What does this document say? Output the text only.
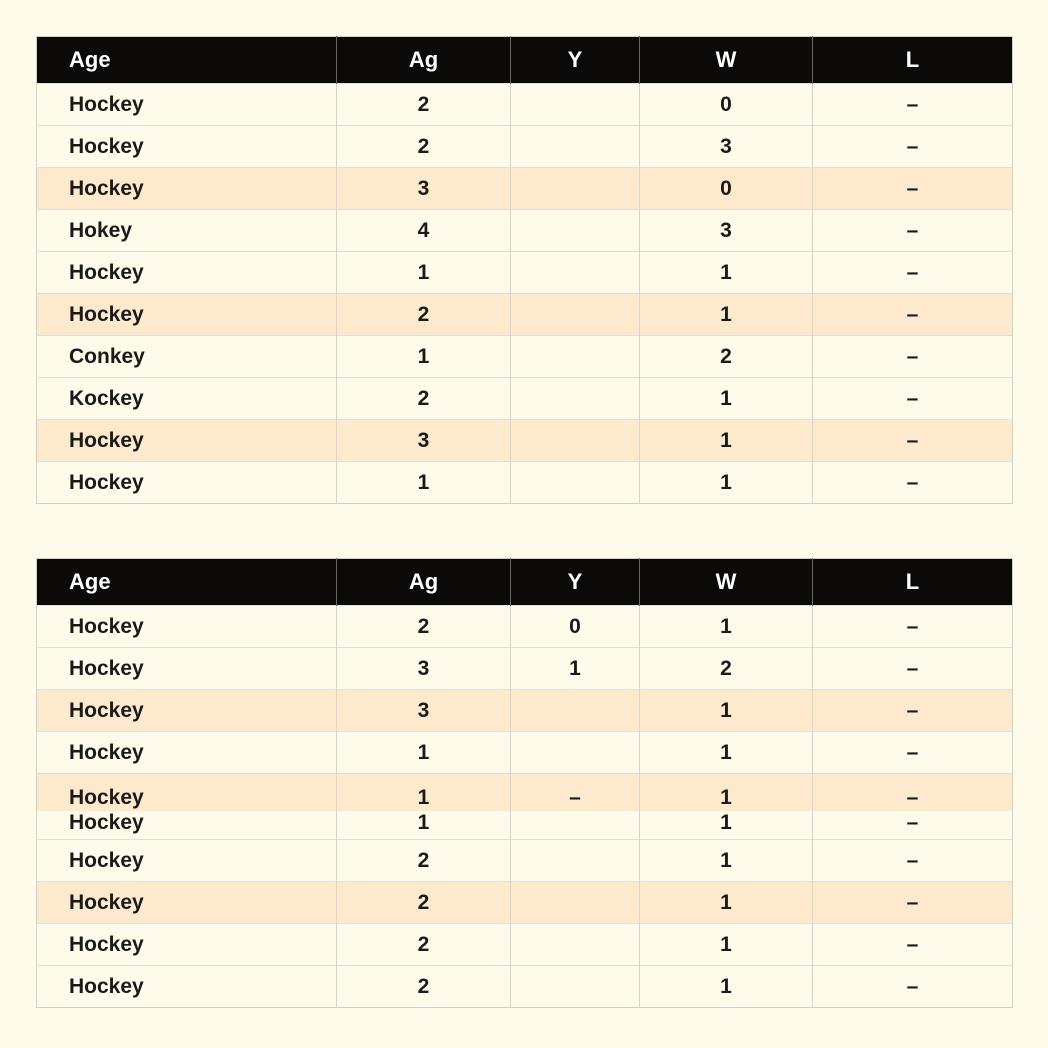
Age	Ag	Y	W	L
Hockey	2		0	–
Hockey	2		3	–
Hockey	3		0	–
Hokey	4		3	–
Hockey	1		1	–
Hockey	2		1	–
Conkey	1		2	–
Kockey	2		1	–
Hockey	3		1	–
Hockey	1		1	–
Age	Ag	Y	W	L
Hockey	2	0	1	–
Hockey	3	1	2	–
Hockey	3		1	–
Hockey	1		1	–
Hockey	1	–	1	–
Hockey	1		1	–
Hockey	2		1	–
Hockey	2		1	–
Hockey	2		1	–
Hockey	2		1	–
